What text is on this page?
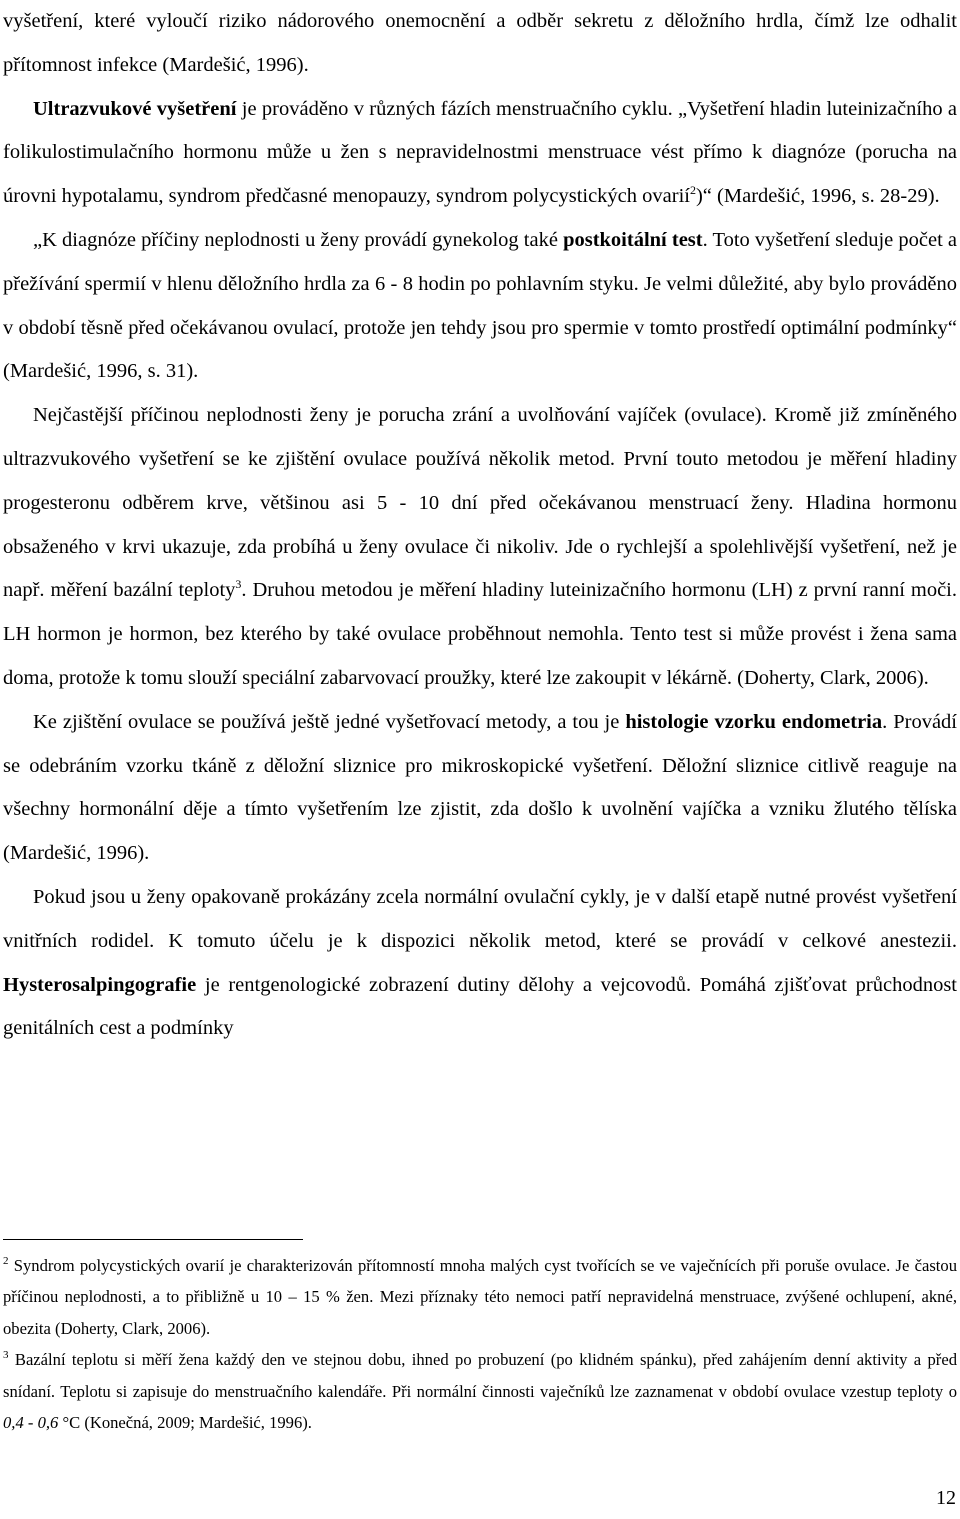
vyšetření, které vyloučí riziko nádorového onemocnění a odběr sekretu z děložního hrdla, čímž lze odhalit přítomnost infekce (Mardešić, 1996).

Ultrazvukové vyšetření je prováděno v různých fázích menstruačního cyklu. „Vyšetření hladin luteinizačního a folikulostimulačního hormonu může u žen s nepravidelnostmi menstruace vést přímo k diagnóze (porucha na úrovni hypotalamu, syndrom předčasné menopauzy, syndrom polycystických ovarií$^2$)“ (Mardešić, 1996, s. 28-29).

„K diagnóze příčiny neplodnosti u ženy provádí gynekolog také postkoitální test. Toto vyšetření sleduje počet a přežívání spermií v hlenu děložního hrdla za 6 - 8 hodin po pohlavním styku. Je velmi důležité, aby bylo prováděno v období těsně před očekávanou ovulací, protože jen tehdy jsou pro spermie v tomto prostředí optimální podmínky“ (Mardešić, 1996, s. 31).

Nejčastější příčinou neplodnosti ženy je porucha zrání a uvolňování vajíček (ovulace). Kromě již zmíněného ultrazvukového vyšetření se ke zjištění ovulace používá několik metod. První touto metodou je měření hladiny progesteronu odběrem krve, většinou asi 5 - 10 dní před očekávanou menstruací ženy. Hladina hormonu obsaženého v krvi ukazuje, zda probíhá u ženy ovulace či nikoliv. Jde o rychlejší a spolehlivější vyšetření, než je např. měření bazální teploty$^3$. Druhou metodou je měření hladiny luteinizačního hormonu (LH) z první ranní moči. LH hormon je hormon, bez kterého by také ovulace proběhnout nemohla. Tento test si může provést i žena sama doma, protože k tomu slouží speciální zabarvovací proužky, které lze zakoupit v lékárně. (Doherty, Clark, 2006).

Ke zjištění ovulace se používá ještě jedné vyšetřovací metody, a tou je histologie vzorku endometria. Provádí se odebráním vzorku tkáně z děložní sliznice pro mikroskopické vyšetření. Děložní sliznice citlivě reaguje na všechny hormonální děje a tímto vyšetřením lze zjistit, zda došlo k uvolnění vajíčka a vzniku žlutého tělíska (Mardešić, 1996).

Pokud jsou u ženy opakovaně prokázány zcela normální ovulační cykly, je v další etapě nutné provést vyšetření vnitřních rodidel. K tomuto účelu je k dispozici několik metod, které se provádí v celkové anestezii. Hysterosalpingografie je rentgenologické zobrazení dutiny dělohy a vejcovodů. Pomáhá zjišťovat průchodnost genitálních cest a podmínky

$^2$ Syndrom polycystických ovarií je charakterizován přítomností mnoha malých cyst tvořících se ve vaječnících při poruše ovulace. Je častou příčinou neplodnosti, a to přibližně u 10 – 15 % žen. Mezi příznaky této nemoci patří nepravidelná menstruace, zvýšené ochlupení, akné, obezita (Doherty, Clark, 2006).

$^3$ Bazální teplotu si měří žena každý den ve stejnou dobu, ihned po probuzení (po klidném spánku), před zahájením denní aktivity a před snídaní. Teplotu si zapisuje do menstruačního kalendáře. Při normální činnosti vaječníků lze zaznamenat v období ovulace vzestup teploty o 0,4 - 0,6 °C (Konečná, 2009; Mardešić, 1996).

12
